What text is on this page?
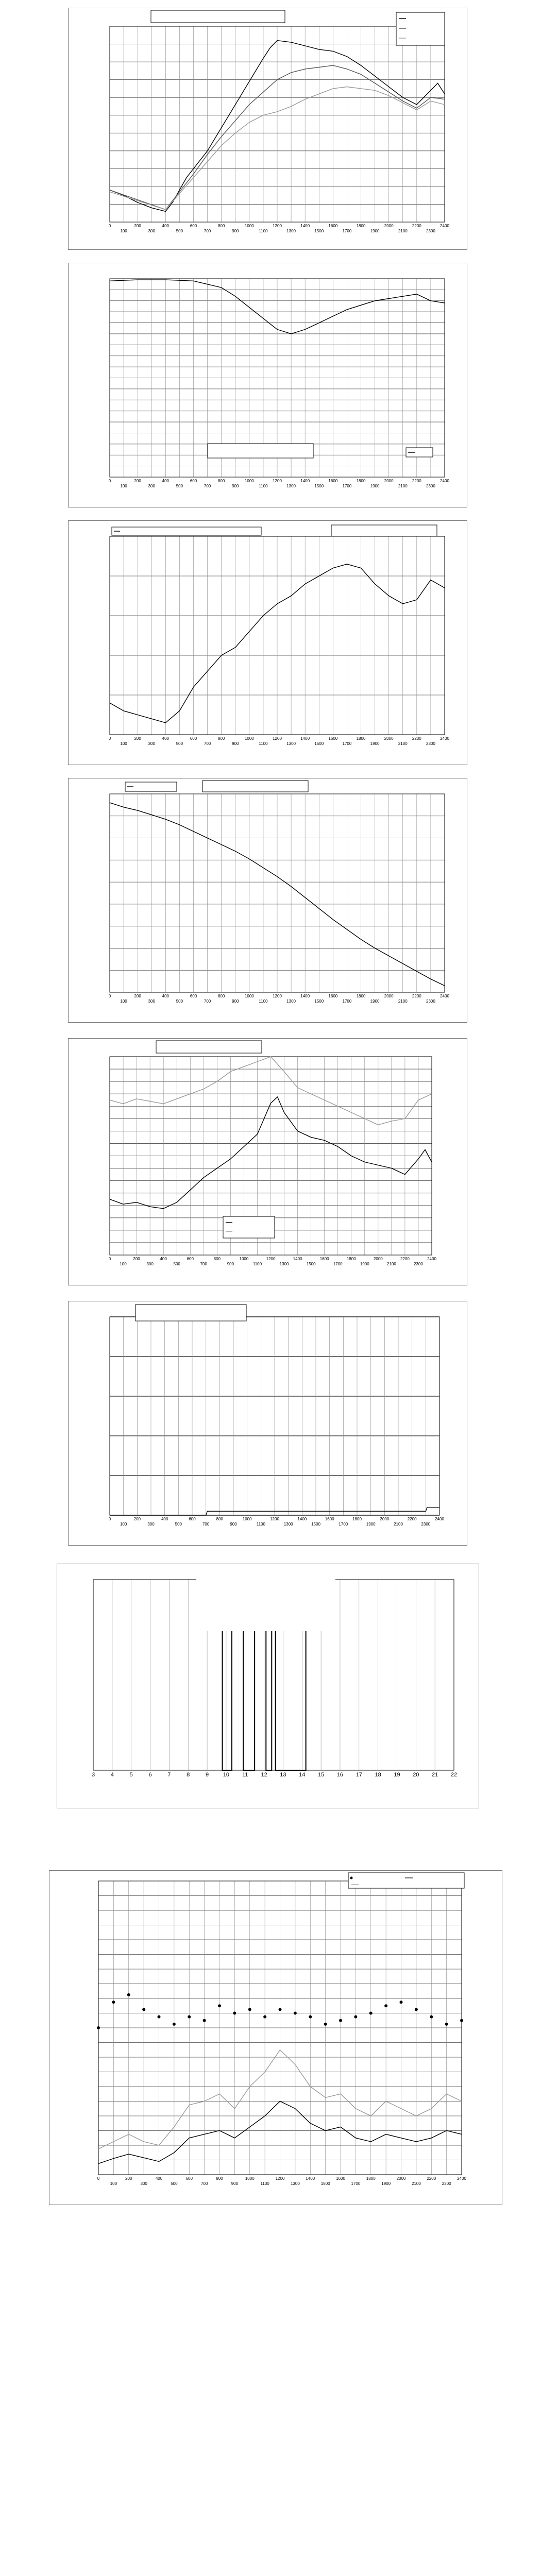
0
100
200
300
400
500
600
700
800
900
1000
1100
1200
1300
1400
1500
1600
1700
1800
1900
2000
2100
2200
2300
2400
0
100
200
300
400
500
600
700
800
900
1000
1100
1200
1300
1400
1500
1600
1700
1800
1900
2000
2100
2200
2300
2400
0
100
200
300
400
500
600
700
800
900
1000
1100
1200
1300
1400
1500
1600
1700
1800
1900
2000
2100
2200
2300
2400
0
100
200
300
400
500
600
700
800
900
1000
1100
1200
1300
1400
1500
1600
1700
1800
1900
2000
2100
2200
2300
2400
0
100
200
300
400
500
600
700
800
900
1000
1100
1200
1300
1400
1500
1600
1700
1800
1900
2000
2100
2200
2300
2400
0
100
200
300
400
500
600
700
800
900
1000
1100
1200
1300
1400
1500
1600
1700
1800
1900
2000
2100
2200
2300
2400
3	4	5	6	7	8	9	10 11 12 13 14 15 16 17 18 19 20 21 22
0
100
200
300
400
500
600
700
800
900
1000
1100
1200
1300
1400
1500
1600
1700
1800
1900
2000
2100
2200
2300
2400
